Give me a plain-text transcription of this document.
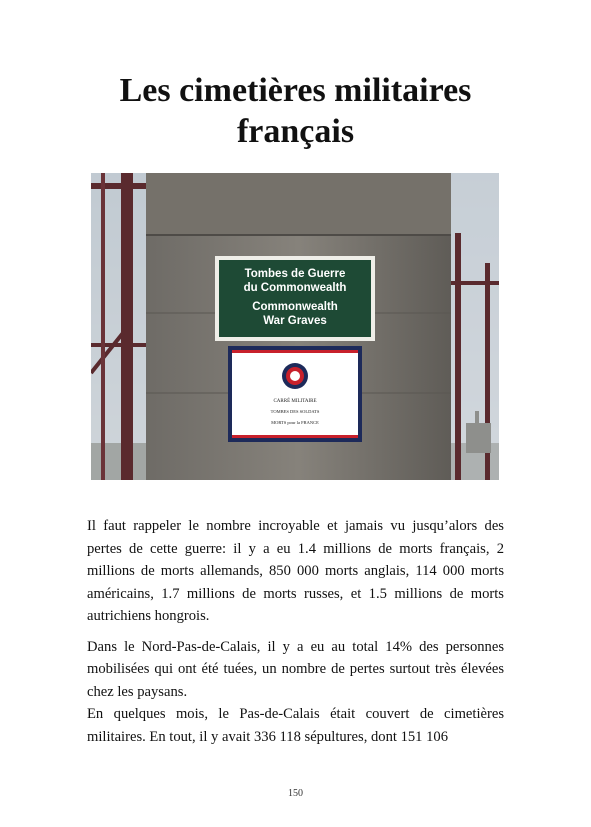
Les cimetières militaires
français
Tombes de Guerre
du Commonwealth
Commonwealth
War Graves
CARRÉ MILITAIRE
TOMBES DES SOLDATS
MORTS pour la FRANCE

Il faut rappeler le nombre incroyable et jamais vu jusqu’alors des pertes de cette guerre: il y a eu 1.4 millions de morts français, 2 millions de morts allemands, 850 000 morts anglais, 114 000 morts américains, 1.7 millions de morts russes, et 1.5 millions de morts autrichiens hongrois.

Dans le Nord-Pas-de-Calais, il y a eu au total 14% des personnes mobilisées qui ont été tuées, un nombre de pertes surtout très élevées chez les paysans.

En quelques mois, le Pas-de-Calais était couvert de cimetières militaires. En tout, il y avait 336 118 sépultures, dont 151 106

150
